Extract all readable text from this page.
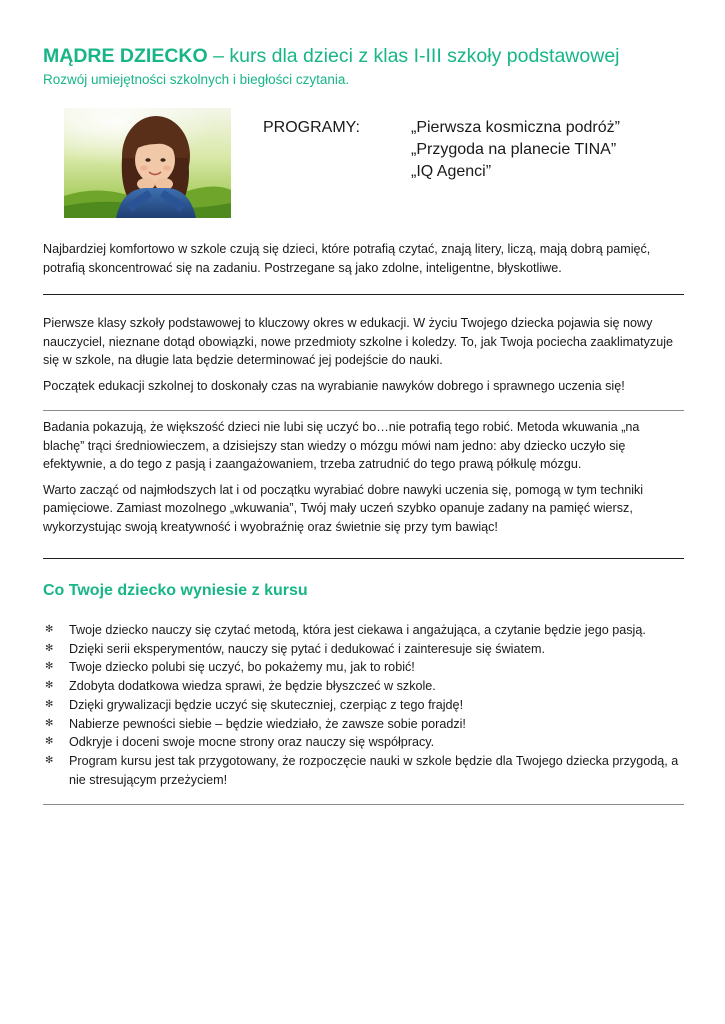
MĄDRE DZIECKO – kurs dla dzieci z klas I-III szkoły podstawowej
Rozwój umiejętności szkolnych i biegłości czytania.
PROGRAMY:	„Pierwsza kosmiczna podróż”
„Przygoda na planecie TINA”
„IQ Agenci”

Najbardziej komfortowo w szkole czują się dzieci, które potrafią czytać, znają litery, liczą, mają dobrą pamięć, potrafią skoncentrować się na zadaniu. Postrzegane są jako zdolne, inteligentne, błyskotliwe.

Pierwsze klasy szkoły podstawowej to kluczowy okres w edukacji. W życiu Twojego dziecka pojawia się nowy nauczyciel, nieznane dotąd obowiązki, nowe przedmioty szkolne i koledzy. To, jak Twoja pociecha zaaklimatyzuje się w szkole, na długie lata będzie determinować jej podejście do nauki.

Początek edukacji szkolnej to doskonały czas na wyrabianie nawyków dobrego i sprawnego uczenia się!

Badania pokazują, że większość dzieci nie lubi się uczyć bo…nie potrafią tego robić. Metoda wkuwania „na blachę” trąci średniowieczem, a dzisiejszy stan wiedzy o mózgu mówi nam jedno: aby dziecko uczyło się efektywnie, a do tego z pasją i zaangażowaniem, trzeba zatrudnić do tego prawą półkulę mózgu.

Warto zacząć od najmłodszych lat i od początku wyrabiać dobre nawyki uczenia się, pomogą w tym techniki pamięciowe. Zamiast mozolnego „wkuwania”, Twój mały uczeń szybko opanuje zadany na pamięć wiersz, wykorzystując swoją kreatywność i wyobraźnię oraz świetnie się przy tym bawiąc!

Co Twoje dziecko wyniesie z kursu
✻ Twoje dziecko nauczy się czytać metodą, która jest ciekawa i angażująca, a czytanie będzie jego pasją.
✻ Dzięki serii eksperymentów, nauczy się pytać i dedukować i zainteresuje się światem.
✻ Twoje dziecko polubi się uczyć, bo pokażemy mu, jak to robić!
✻ Zdobyta dodatkowa wiedza sprawi, że będzie błyszczeć w szkole.
✻ Dzięki grywalizacji będzie uczyć się skuteczniej, czerpiąc z tego frajdę!
✻ Nabierze pewności siebie – będzie wiedziało, że zawsze sobie poradzi!
✻ Odkryje i doceni swoje mocne strony oraz nauczy się współpracy.
✻ Program kursu jest tak przygotowany, że rozpoczęcie nauki w szkole będzie dla Twojego dziecka przygodą, a nie stresującym przeżyciem!
